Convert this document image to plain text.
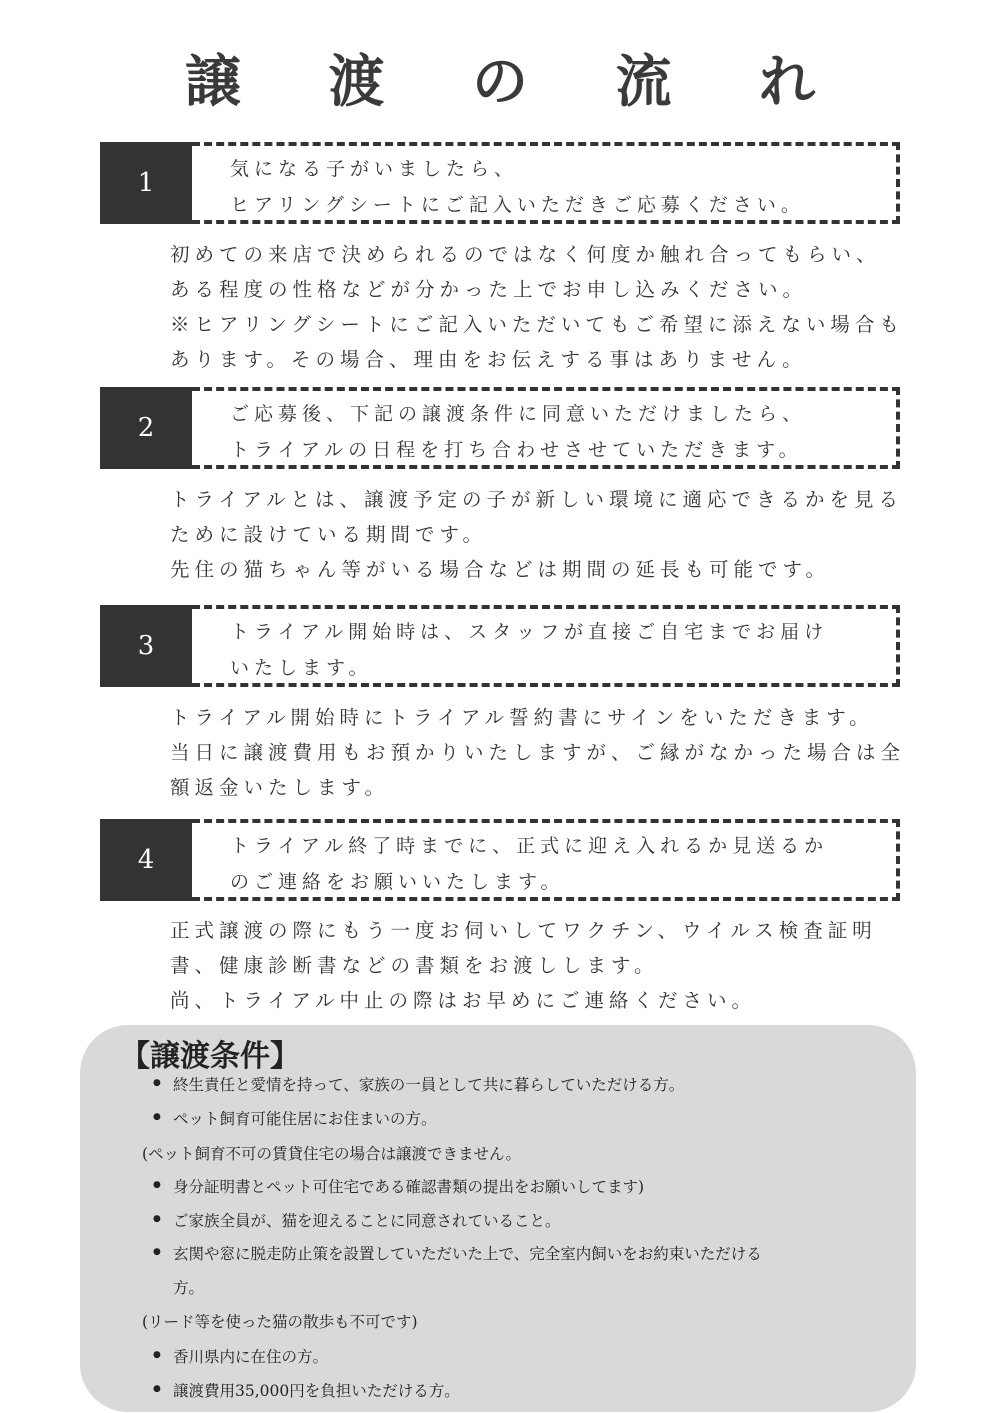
譲 渡 の 流 れ
1	気になる子がいましたら、
ヒアリングシートにご記入いただきご応募ください。
初めての来店で決められるのではなく何度か触れ合ってもらい、
ある程度の性格などが分かった上でお申し込みください。
※ヒアリングシートにご記入いただいてもご希望に添えない場合も
あります。その場合、理由をお伝えする事はありません。
2	ご応募後、下記の譲渡条件に同意いただけましたら、
トライアルの日程を打ち合わせさせていただきます。
トライアルとは、譲渡予定の子が新しい環境に適応できるかを見る
ために設けている期間です。
先住の猫ちゃん等がいる場合などは期間の延長も可能です。
3	トライアル開始時は、スタッフが直接ご自宅までお届け
いたします。
トライアル開始時にトライアル誓約書にサインをいただきます。
当日に譲渡費用もお預かりいたしますが、ご縁がなかった場合は全
額返金いたします。
4	トライアル終了時までに、正式に迎え入れるか見送るか
のご連絡をお願いいたします。
正式譲渡の際にもう一度お伺いしてワクチン、ウイルス検査証明
書、健康診断書などの書類をお渡しします。
尚、トライアル中止の際はお早めにご連絡ください。
【譲渡条件】
● 終生責任と愛情を持って、家族の一員として共に暮らしていただける方。
● ペット飼育可能住居にお住まいの方。
(ペット飼育不可の賃貸住宅の場合は譲渡できません。
● 身分証明書とペット可住宅である確認書類の提出をお願いしてます)
● ご家族全員が、猫を迎えることに同意されていること。
● 玄関や窓に脱走防止策を設置していただいた上で、完全室内飼いをお約束いただける
方。
(リード等を使った猫の散歩も不可です)
● 香川県内に在住の方。
● 譲渡費用35,000円を負担いただける方。
